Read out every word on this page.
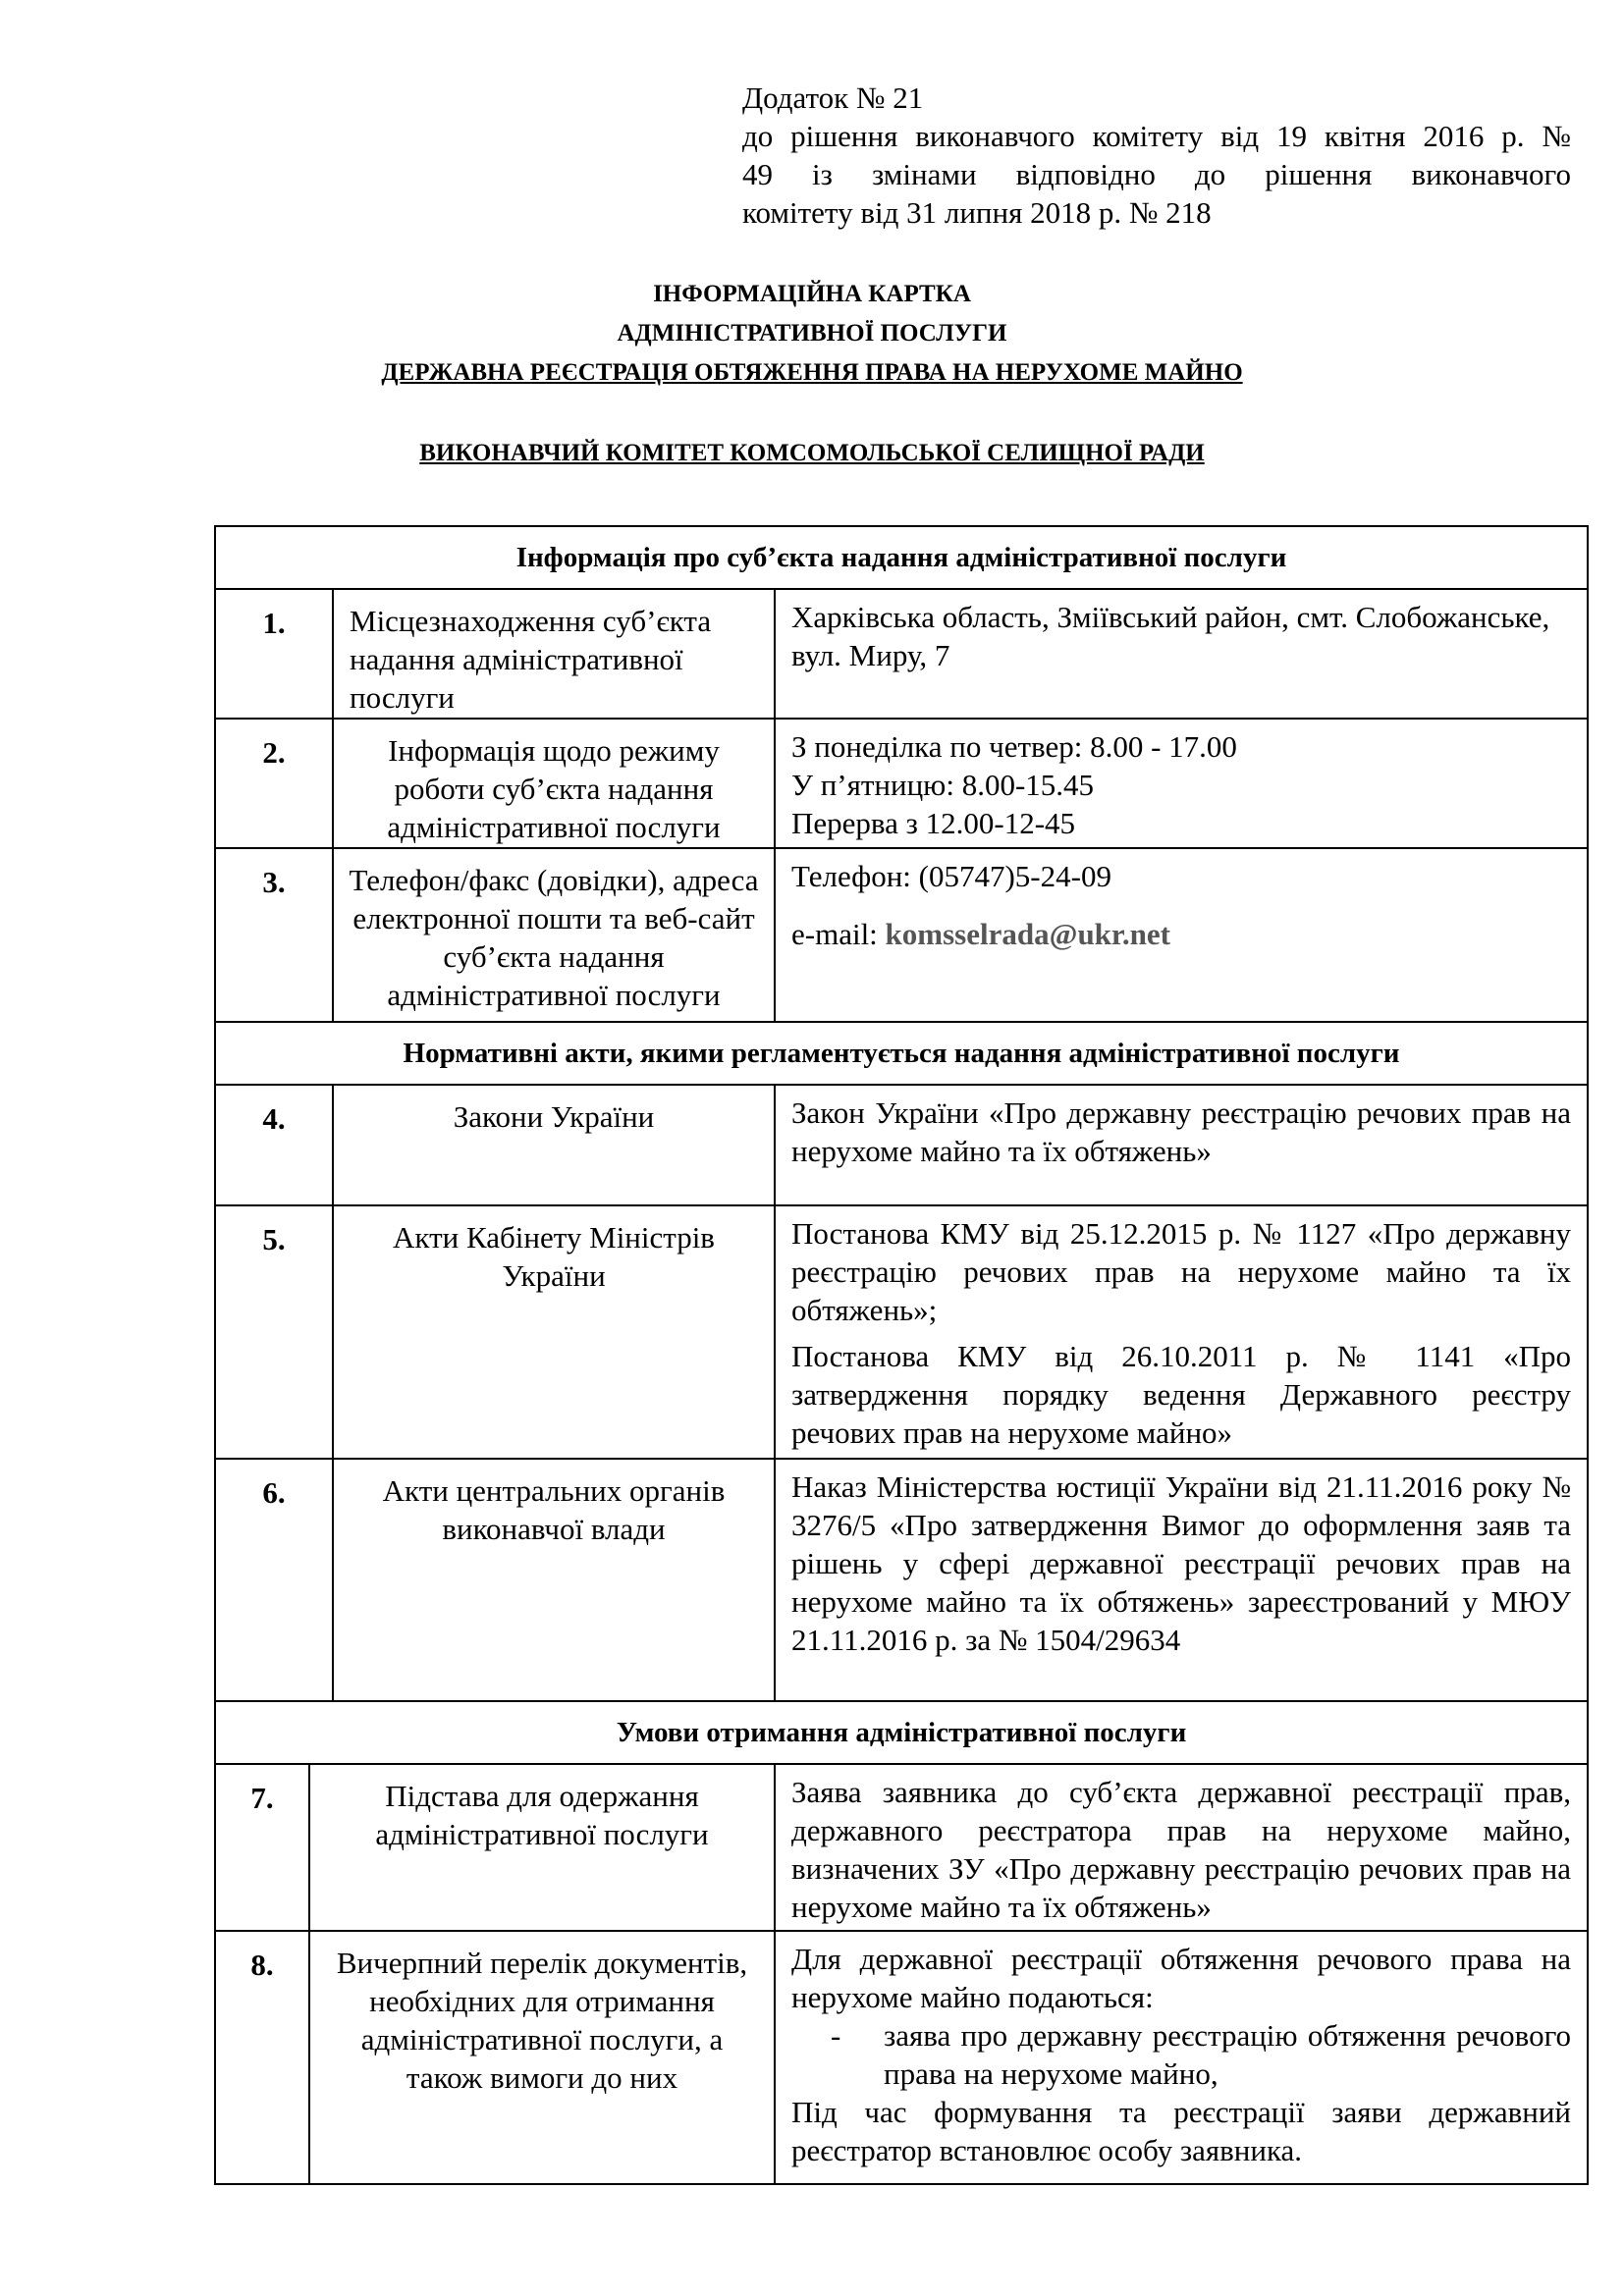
Додаток № 21
до рішення виконавчого комітету від 19 квітня 2016 р. №
49 із змінами відповідно до рішення виконавчого
комітету від 31 липня 2018 р. № 218
ІНФОРМАЦІЙНА КАРТКА
АДМІНІСТРАТИВНОЇ ПОСЛУГИ
ДЕРЖАВНА РЕЄСТРАЦІЯ ОБТЯЖЕННЯ ПРАВА НА НЕРУХОМЕ МАЙНО
ВИКОНАВЧИЙ КОМІТЕТ КОМСОМОЛЬСЬКОЇ СЕЛИЩНОЇ РАДИ
Інформація про суб’єкта надання адміністративної послуги			
1.		Місцезнаходження суб’єкта надання адміністративної послуги	Харківська область, Зміївський район, смт. Слобожанське, вул. Миру, 7
2.		Інформація щодо режиму роботи суб’єкта надання адміністративної послуги	З понеділка по четвер: 8.00 - 17.00
У п’ятницю: 8.00-15.45
Перерва з 12.00-12-45

3.		Телефон/факс (довідки), адреса електронної пошти та веб-сайт суб’єкта надання адміністративної послуги	Телефон: (05747)5-24-09
e-mail: komsselrada@ukr.net

Нормативні акти, якими регламентується надання адміністративної послуги			
4.		Закони України	Закон України «Про державну реєстрацію речових прав на нерухоме майно та їх обтяжень»
5.		Акти Кабінету Міністрів України	Постанова КМУ від 25.12.2015 р. № 1127 «Про державну реєстрацію речових прав на нерухоме майно та їх обтяжень»;
Постанова КМУ від 26.10.2011 р. № 1141 «Про затвердження порядку ведення Державного реєстру речових прав на нерухоме майно»

6.		Акти центральних органів виконавчої влади	Наказ Міністерства юстиції України від 21.11.2016 року № 3276/5 «Про затвердження Вимог до оформлення заяв та рішень у сфері державної реєстрації речових прав на нерухоме майно та їх обтяжень» зареєстрований у МЮУ 21.11.2016 р. за № 1504/29634
Умови отримання адміністративної послуги			
7.	Підстава для одержання адміністративної послуги		Заява заявника до суб’єкта державної реєстрації прав, державного реєстратора прав на нерухоме майно, визначених ЗУ «Про державну реєстрацію речових прав на нерухоме майно та їх обтяжень»
8.	Вичерпний перелік документів, необхідних для отримання адміністративної послуги, а також вимоги до них		Для державної реєстрації обтяження речового права на нерухоме майно подаються:
- заява про державну реєстрацію обтяження речового права на нерухоме майно,
Під час формування та реєстрації заяви державний реєстратор встановлює особу заявника.
